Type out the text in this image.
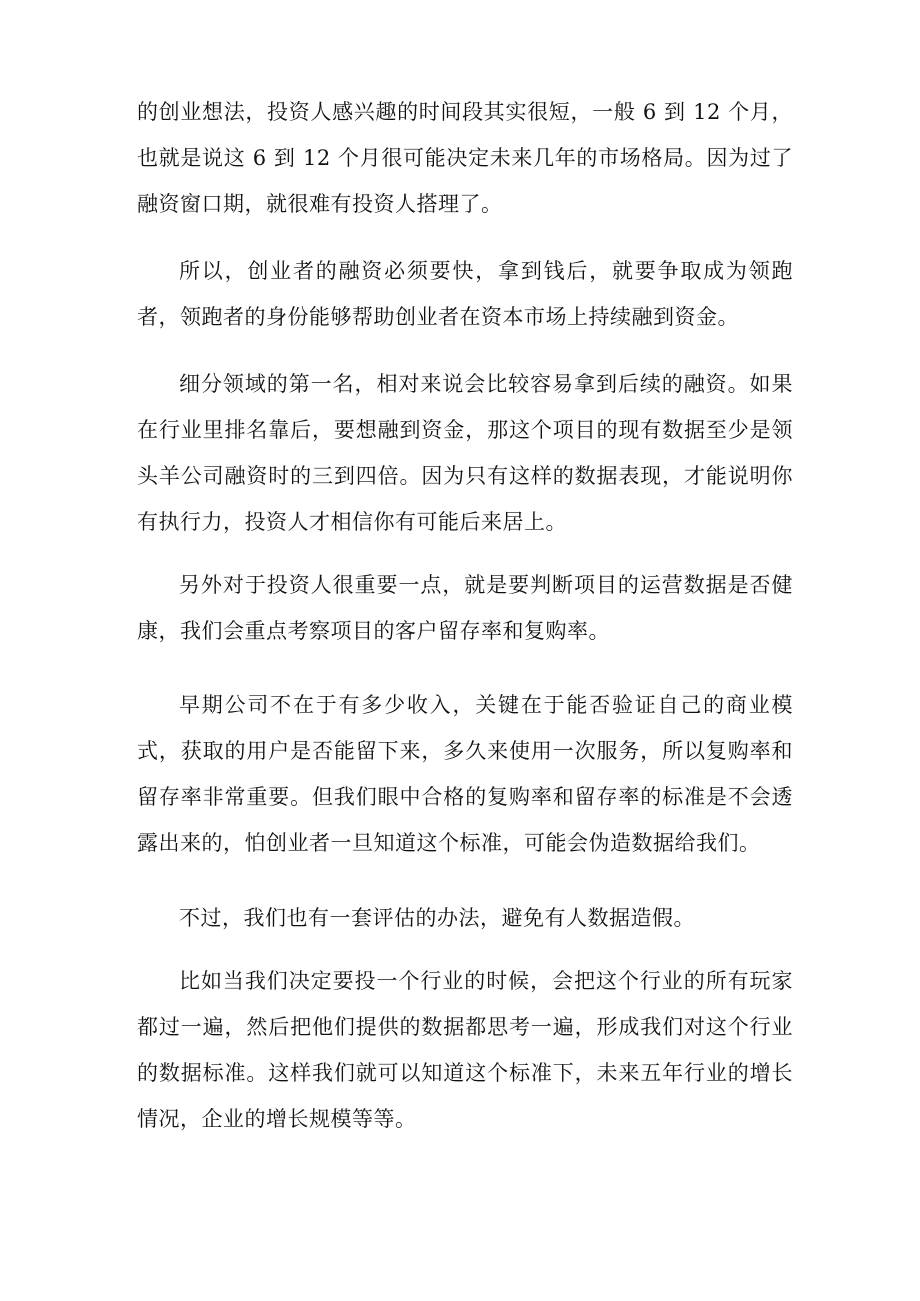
的创业想法，投资人感兴趣的时间段其实很短，一般 6 到 12 个月，也就是说这 6 到 12 个月很可能决定未来几年的市场格局。因为过了融资窗口期，就很难有投资人搭理了。

所以，创业者的融资必须要快，拿到钱后，就要争取成为领跑者，领跑者的身份能够帮助创业者在资本市场上持续融到资金。

细分领域的第一名，相对来说会比较容易拿到后续的融资。如果在行业里排名靠后，要想融到资金，那这个项目的现有数据至少是领头羊公司融资时的三到四倍。因为只有这样的数据表现，才能说明你有执行力，投资人才相信你有可能后来居上。

另外对于投资人很重要一点，就是要判断项目的运营数据是否健康，我们会重点考察项目的客户留存率和复购率。

早期公司不在于有多少收入，关键在于能否验证自己的商业模式，获取的用户是否能留下来，多久来使用一次服务，所以复购率和留存率非常重要。但我们眼中合格的复购率和留存率的标准是不会透露出来的，怕创业者一旦知道这个标准，可能会伪造数据给我们。

不过，我们也有一套评估的办法，避免有人数据造假。

比如当我们决定要投一个行业的时候，会把这个行业的所有玩家都过一遍，然后把他们提供的数据都思考一遍，形成我们对这个行业的数据标准。这样我们就可以知道这个标准下，未来五年行业的增长情况，企业的增长规模等等。
